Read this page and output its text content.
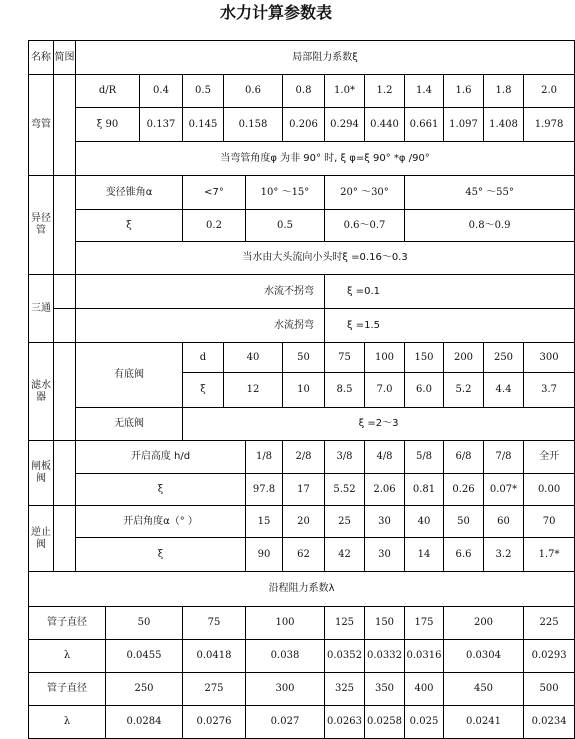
水力计算参数表
名称	简图	局部阻力系数ξ												
弯管		d/R		0.4	0.5	0.6		0.8	1.0*	1.2	1.4	1.6	1.8	2.0
		ξ 90		0.137	0.145	0.158		0.206	0.294	0.440	0.661	1.097	1.408	1.978
		当弯管角度φ 为非 90° 时, ξ φ=ξ 90° *φ /90°												
异径管		变径锥角α			<7°		10° ～15°		20° ～30°		45° ～55°			
		ξ			0.2		0.5		0.6～0.7		0.8～0.9			
		当水由大头流向小头时ξ =0.16～0.3												
三通		水流不拐弯							ξ =0.1					
		水流拐弯							ξ =1.5					
滤水器		有底阀			d	40		50	75	100	150	200	250	300
					ξ	12		10	8.5	7.0	6.0	5.2	4.4	3.7
		无底阀			ξ =2～3									
闸板阀		开启高度 h/d					1/8	2/8	3/8	4/8	5/8	6/8	7/8	全开
		ξ					97.8	17	5.52	2.06	0.81	0.26	0.07*	0.00
逆止阀		开启角度α（° ）					15	20	25	30	40	50	60	70
		ξ					90	62	42	30	14	6.6	3.2	1.7*
沿程阻力系数λ														
管子直径			50		75		100		125	150	175	200		225
λ			0.0455		0.0418		0.038		0.0352	0.0332	0.0316	0.0304		0.0293
管子直径			250		275		300		325	350	400	450		500
λ			0.0284		0.0276		0.027		0.0263	0.0258	0.025	0.0241		0.0234
